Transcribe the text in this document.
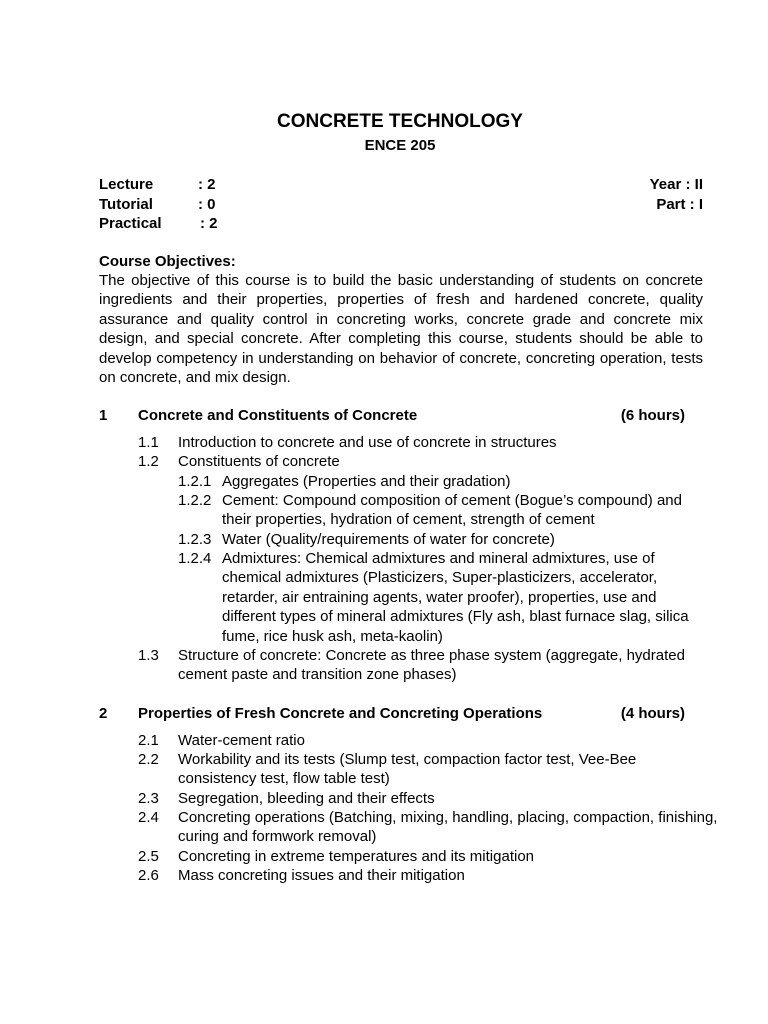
CONCRETE TECHNOLOGY
ENCE 205
Lecture	: 2	Year : II
Tutorial	: 0	Part : I
Practical	: 2
Course Objectives:
The objective of this course is to build the basic understanding of students on concrete ingredients and their properties, properties of fresh and hardened concrete, quality assurance and quality control in concreting works, concrete grade and concrete mix design, and special concrete. After completing this course, students should be able to develop competency in understanding on behavior of concrete, concreting operation, tests on concrete, and mix design.
1 Concrete and Constituents of Concrete	(6 hours)
1.1 Introduction to concrete and use of concrete in structures
1.2 Constituents of concrete
1.2.1 Aggregates (Properties and their gradation)
1.2.2 Cement: Compound composition of cement (Bogue’s compound) and their properties, hydration of cement, strength of cement
1.2.3 Water (Quality/requirements of water for concrete)
1.2.4 Admixtures: Chemical admixtures and mineral admixtures, use of chemical admixtures (Plasticizers, Super-plasticizers, accelerator, retarder, air entraining agents, water proofer), properties, use and different types of mineral admixtures (Fly ash, blast furnace slag, silica fume, rice husk ash, meta-kaolin)
1.3 Structure of concrete: Concrete as three phase system (aggregate, hydrated cement paste and transition zone phases)
2 Properties of Fresh Concrete and Concreting Operations	(4 hours)
2.1 Water-cement ratio
2.2 Workability and its tests (Slump test, compaction factor test, Vee-Bee consistency test, flow table test)
2.3 Segregation, bleeding and their effects
2.4 Concreting operations (Batching, mixing, handling, placing, compaction, finishing, curing and formwork removal)
2.5 Concreting in extreme temperatures and its mitigation
2.6 Mass concreting issues and their mitigation
